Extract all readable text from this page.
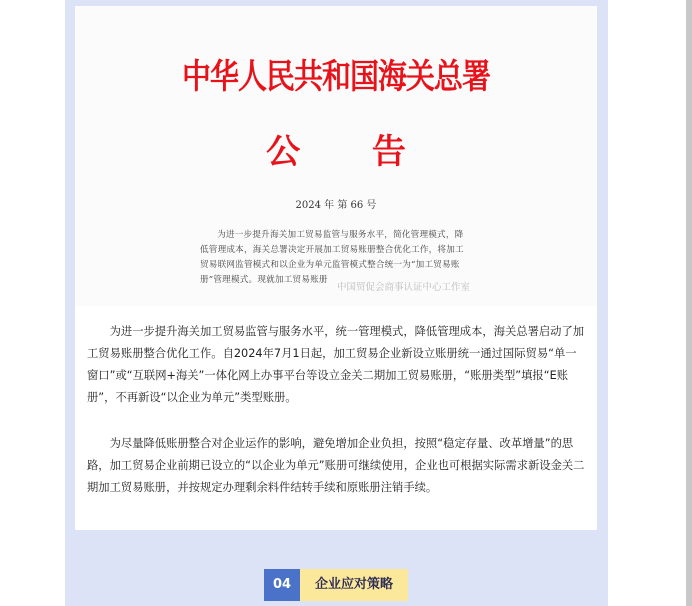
中华人民共和国海关总署
公 告
2024 年 第 66 号
为进一步提升海关加工贸易监管与服务水平，简化管理模式，降低管理成本，海关总署决定开展加工贸易账册整合优化工作，将加工贸易联网监管模式和以企业为单元监管模式整合统一为“加工贸易账册”管理模式。现就加工贸易账册
中国贸促会商事认证中心工作室

为进一步提升海关加工贸易监管与服务水平，统一管理模式，降低管理成本，海关总署启动了加工贸易账册整合优化工作。自2024年7月1日起，加工贸易企业新设立账册统一通过国际贸易“单一窗口”或“互联网+海关”一体化网上办事平台等设立金关二期加工贸易账册，“账册类型”填报“E账册”，不再新设“以企业为单元”类型账册。

为尽量降低账册整合对企业运作的影响，避免增加企业负担，按照“稳定存量、改革增量”的思路，加工贸易企业前期已设立的“以企业为单元”账册可继续使用，企业也可根据实际需求新设金关二期加工贸易账册，并按规定办理剩余料件结转手续和原账册注销手续。

04	企业应对策略
